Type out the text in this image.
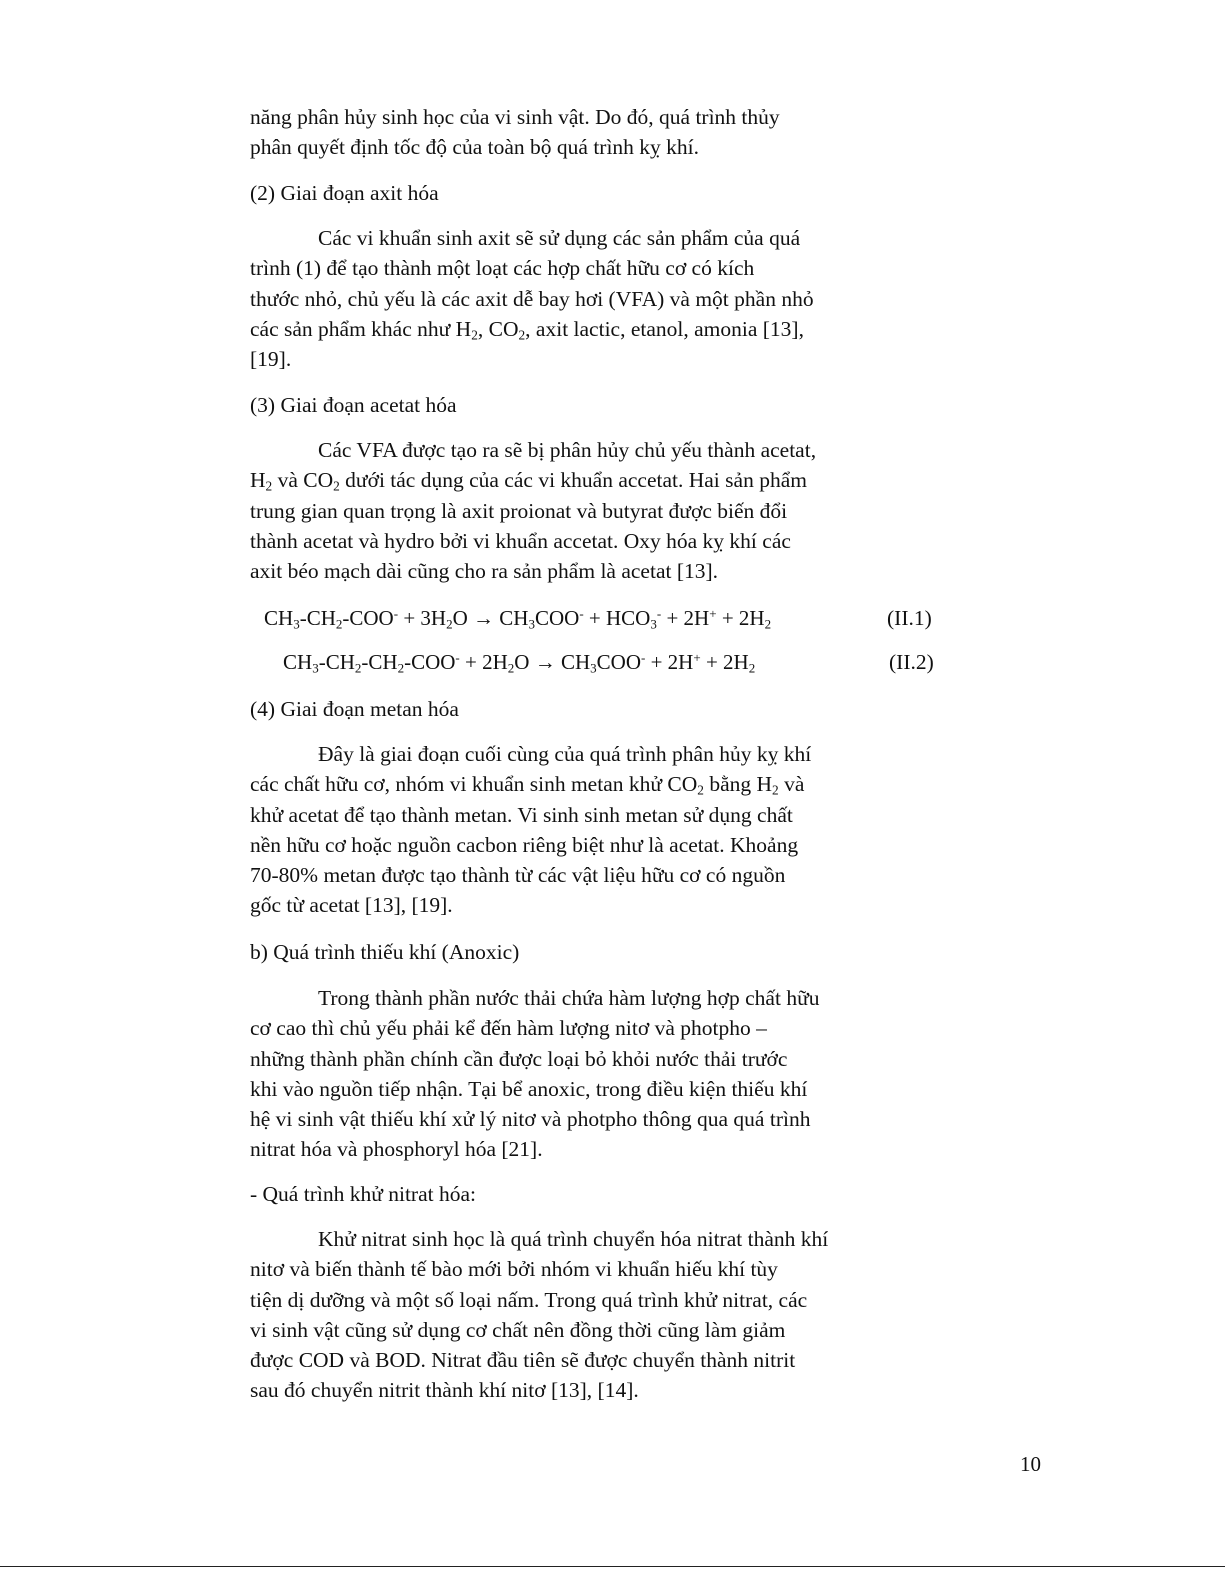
năng phân hủy sinh học của vi sinh vật. Do đó, quá trình thủy
phân quyết định tốc độ của toàn bộ quá trình kỵ khí.
(2) Giai đoạn axit hóa
Các vi khuẩn sinh axit sẽ sử dụng các sản phẩm của quá
trình (1) để tạo thành một loạt các hợp chất hữu cơ có kích
thước nhỏ, chủ yếu là các axit dễ bay hơi (VFA) và một phần nhỏ
các sản phẩm khác như $H_2$, $CO_2$, axit lactic, etanol, amonia [13],
[19].
(3) Giai đoạn acetat hóa
Các VFA được tạo ra sẽ bị phân hủy chủ yếu thành acetat,
$H_2$ và $CO_2$ dưới tác dụng của các vi khuẩn accetat. Hai sản phẩm
trung gian quan trọng là axit proionat và butyrat được biến đổi
thành acetat và hydro bởi vi khuẩn accetat. Oxy hóa kỵ khí các
axit béo mạch dài cũng cho ra sản phẩm là acetat [13].
$CH_3-CH_2-COO^- + 3H_2O \to CH_3COO^- + HCO_3^- + 2H^+ + 2H_2$	(II.1)
$CH_3-CH_2-CH_2-COO^- + 2H_2O \to CH_3COO^- + 2H^+ + 2H_2$	(II.2)
(4) Giai đoạn metan hóa
Đây là giai đoạn cuối cùng của quá trình phân hủy kỵ khí
các chất hữu cơ, nhóm vi khuẩn sinh metan khử $CO_2$ bằng $H_2$ và
khử acetat để tạo thành metan. Vi sinh sinh metan sử dụng chất
nền hữu cơ hoặc nguồn cacbon riêng biệt như là acetat. Khoảng
70-80% metan được tạo thành từ các vật liệu hữu cơ có nguồn
gốc từ acetat [13], [19].
b) Quá trình thiếu khí (Anoxic)
Trong thành phần nước thải chứa hàm lượng hợp chất hữu
cơ cao thì chủ yếu phải kể đến hàm lượng nitơ và photpho –
những thành phần chính cần được loại bỏ khỏi nước thải trước
khi vào nguồn tiếp nhận. Tại bể anoxic, trong điều kiện thiếu khí
hệ vi sinh vật thiếu khí xử lý nitơ và photpho thông qua quá trình
nitrat hóa và phosphoryl hóa [21].
- Quá trình khử nitrat hóa:
Khử nitrat sinh học là quá trình chuyển hóa nitrat thành khí
nitơ và biến thành tế bào mới bởi nhóm vi khuẩn hiếu khí tùy
tiện dị dưỡng và một số loại nấm. Trong quá trình khử nitrat, các
vi sinh vật cũng sử dụng cơ chất nên đồng thời cũng làm giảm
được COD và BOD. Nitrat đầu tiên sẽ được chuyển thành nitrit
sau đó chuyển nitrit thành khí nitơ [13], [14].
10
